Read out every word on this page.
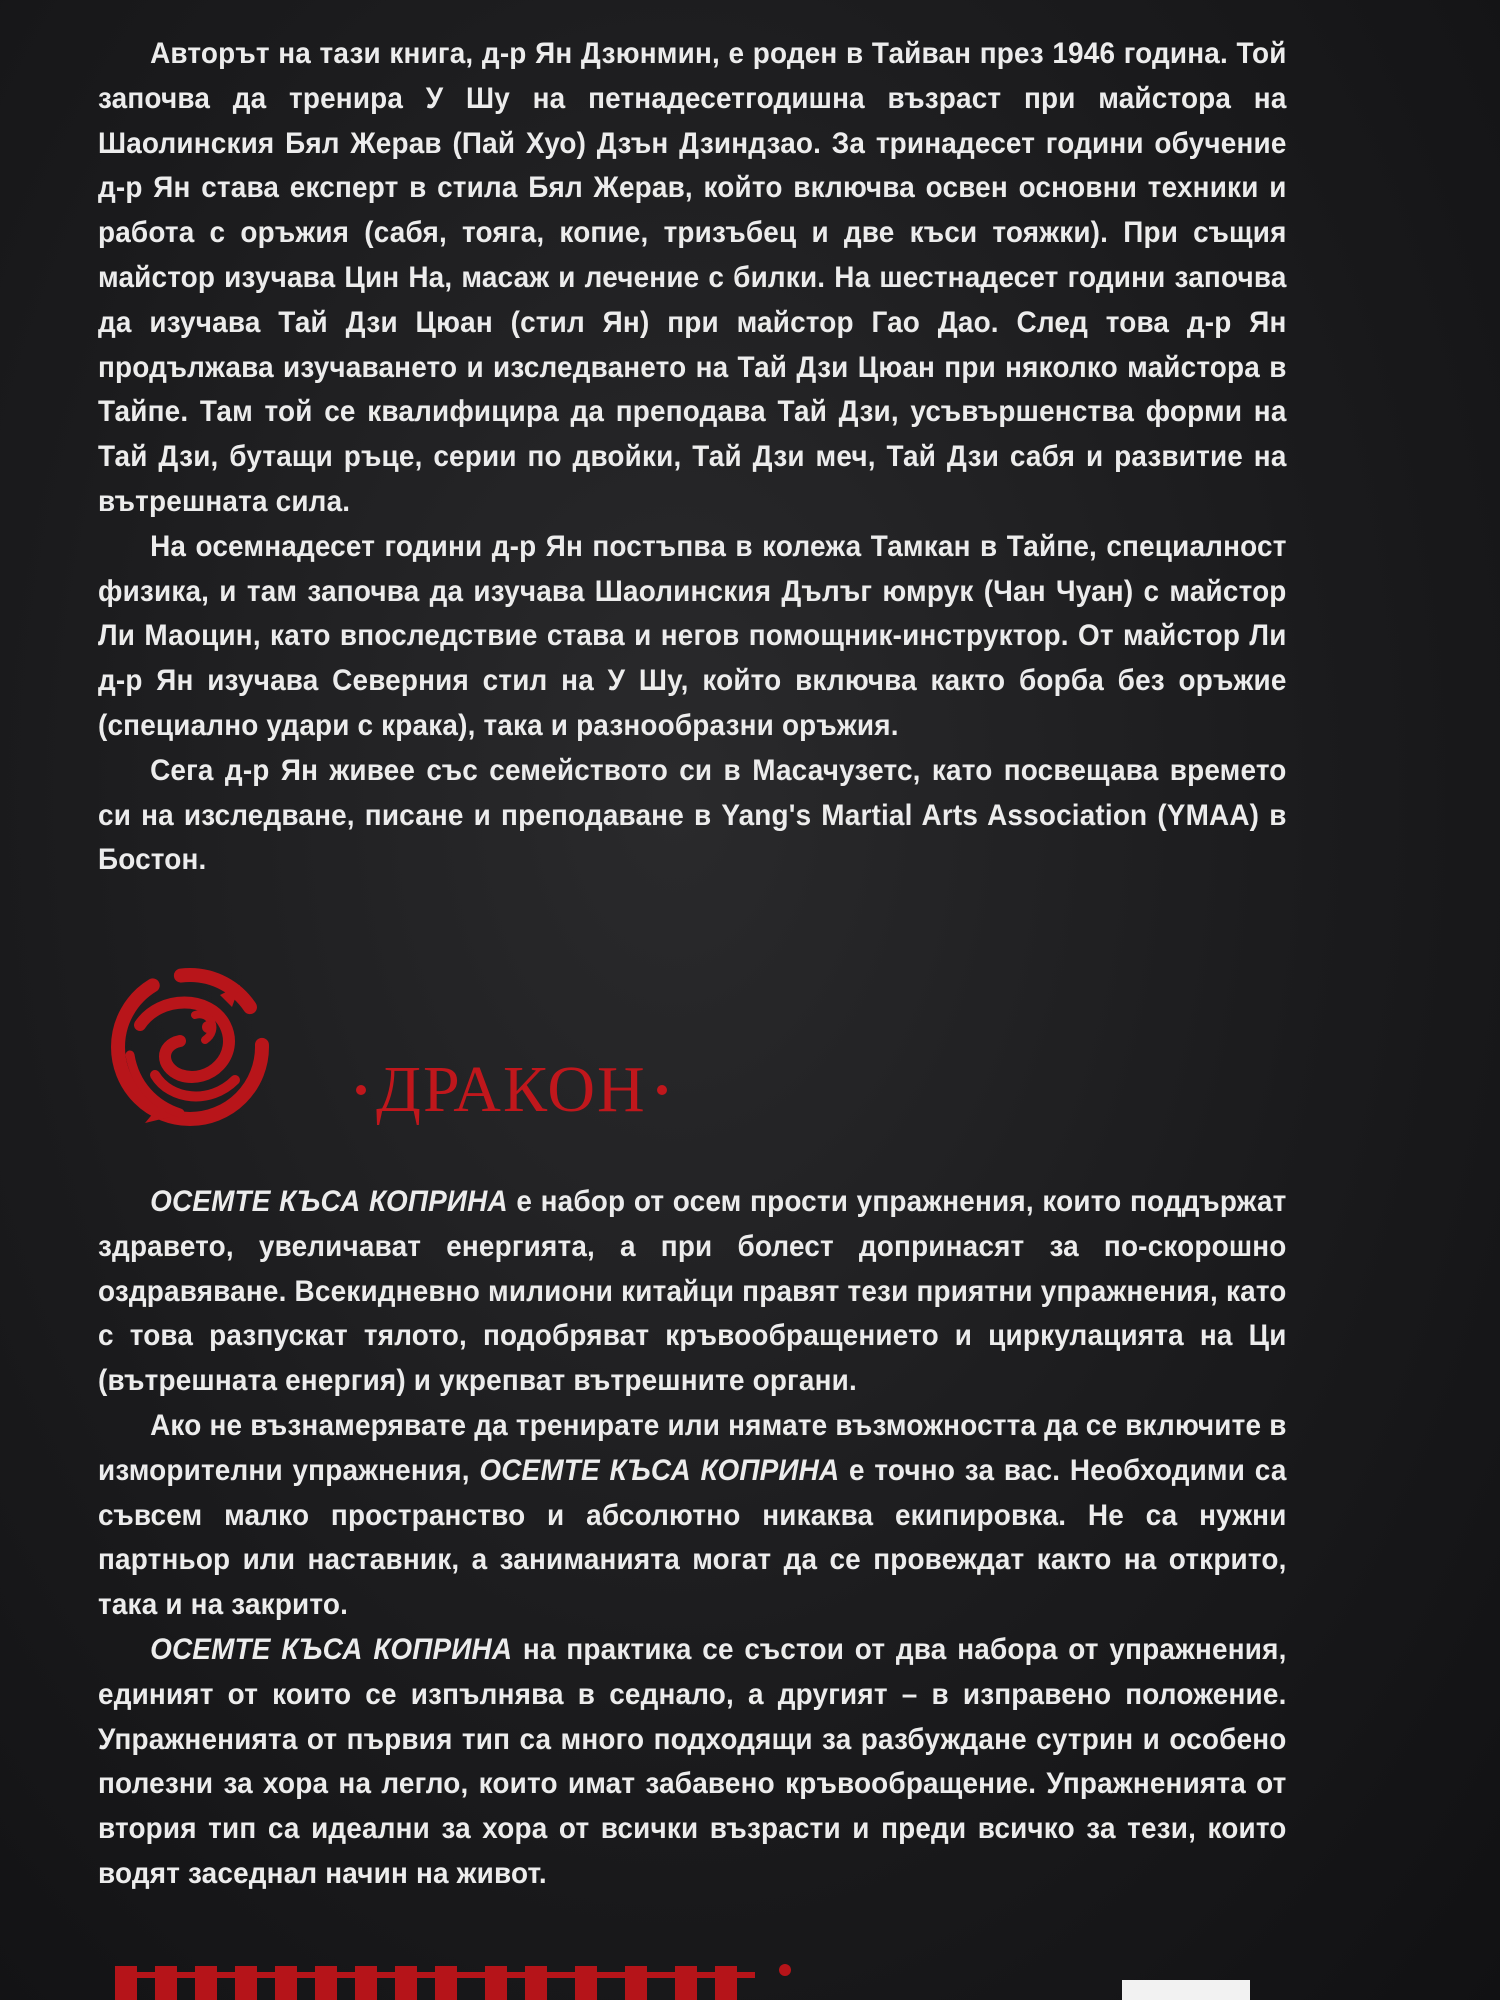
Авторът на тази книга, д-р Ян Дзюнмин, е роден в Тайван през 1946 година. Той започва да тренира У Шу на петнадесетгодишна възраст при майстора на Шаолинския Бял Жерав (Пай Хуо) Дзън Дзиндзао. За тринадесет години обучение д-р Ян става експерт в стила Бял Жерав, който включва освен основни техники и работа с оръжия (сабя, тояга, копие, тризъбец и две къси тояжки). При същия майстор изучава Цин На, масаж и лечение с билки. На шестнадесет години започва да изучава Тай Дзи Цюан (стил Ян) при майстор Гао Дао. След това д-р Ян продължава изучаването и изследването на Тай Дзи Цюан при няколко майстора в Тайпе. Там той се квалифицира да преподава Тай Дзи, усъвършенства форми на Тай Дзи, бутащи ръце, серии по двойки, Тай Дзи меч, Тай Дзи сабя и развитие на вътрешната сила.

На осемнадесет години д-р Ян постъпва в колежа Тамкан в Тайпе, специалност физика, и там започва да изучава Шаолинския Дълъг юмрук (Чан Чуан) с майстор Ли Маоцин, като впоследствие става и негов помощник-инструктор. От майстор Ли д-р Ян изучава Северния стил на У Шу, който включва както борба без оръжие (специално удари с крака), така и разнообразни оръжия.

Сега д-р Ян живее със семейството си в Масачузетс, като посвещава времето си на изследване, писане и преподаване в Yang's Martial Arts Association (YMAA) в Бостон.

ДРАКОН

ОСЕМТЕ КЪСА КОПРИНА е набор от осем прости упражнения, които поддържат здравето, увеличават енергията, а при болест допринасят за по-скорошно оздравяване. Всекидневно милиони китайци правят тези приятни упражнения, като с това разпускат тялото, подобряват кръвообращението и циркулацията на Ци (вътрешната енергия) и укрепват вътрешните органи.

Ако не възнамерявате да тренирате или нямате възможността да се включите в изморителни упражнения, ОСЕМТЕ КЪСА КОПРИНА е точно за вас. Необходими са съвсем малко пространство и абсолютно никаква екипировка. Не са нужни партньор или наставник, а заниманията могат да се провеждат както на открито, така и на закрито.

ОСЕМТЕ КЪСА КОПРИНА на практика се състои от два набора от упражнения, единият от които се изпълнява в седнало, а другият – в изправено положение. Упражненията от първия тип са много подходящи за разбуждане сутрин и особено полезни за хора на легло, които имат забавено кръвообращение. Упражненията от втория тип са идеални за хора от всички възрасти и преди всичко за тези, които водят заседнал начин на живот.
